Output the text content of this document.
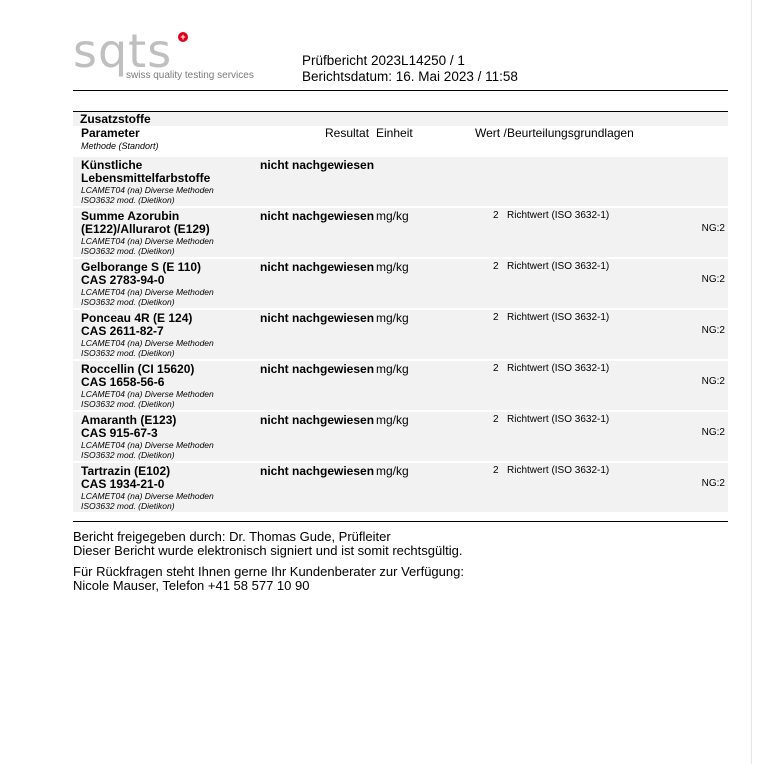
sqts +
swiss quality testing services
Prüfbericht 2023L14250 / 1
Berichtsdatum: 16. Mai 2023 / 11:58
Zusatzstoffe
Parameter
Methode (Standort)
Resultat Einheit	Wert / Beurteilungsgrundlagen
Künstliche
Lebensmittelfarbstoffe
LCAMET04 (na) Diverse Methoden
ISO3632 mod. (Dietikon)
nicht nachgewiesen
Summe Azorubin
(E122)/Allurarot (E129)
LCAMET04 (na) Diverse Methoden
ISO3632 mod. (Dietikon)
nicht nachgewiesen mg/kg	2 Richtwert (ISO 3632-1)
NG:2
Gelborange S (E 110)
CAS 2783-94-0
LCAMET04 (na) Diverse Methoden
ISO3632 mod. (Dietikon)
nicht nachgewiesen mg/kg	2 Richtwert (ISO 3632-1)
NG:2
Ponceau 4R (E 124)
CAS 2611-82-7
LCAMET04 (na) Diverse Methoden
ISO3632 mod. (Dietikon)
nicht nachgewiesen mg/kg	2 Richtwert (ISO 3632-1)
NG:2
Roccellin (CI 15620)
CAS 1658-56-6
LCAMET04 (na) Diverse Methoden
ISO3632 mod. (Dietikon)
nicht nachgewiesen mg/kg	2 Richtwert (ISO 3632-1)
NG:2
Amaranth (E123)
CAS 915-67-3
LCAMET04 (na) Diverse Methoden
ISO3632 mod. (Dietikon)
nicht nachgewiesen mg/kg	2 Richtwert (ISO 3632-1)
NG:2
Tartrazin (E102)
CAS 1934-21-0
LCAMET04 (na) Diverse Methoden
ISO3632 mod. (Dietikon)
nicht nachgewiesen mg/kg	2 Richtwert (ISO 3632-1)
NG:2
Bericht freigegeben durch: Dr. Thomas Gude, Prüfleiter
Dieser Bericht wurde elektronisch signiert und ist somit rechtsgültig.
Für Rückfragen steht Ihnen gerne Ihr Kundenberater zur Verfügung:
Nicole Mauser, Telefon +41 58 577 10 90
